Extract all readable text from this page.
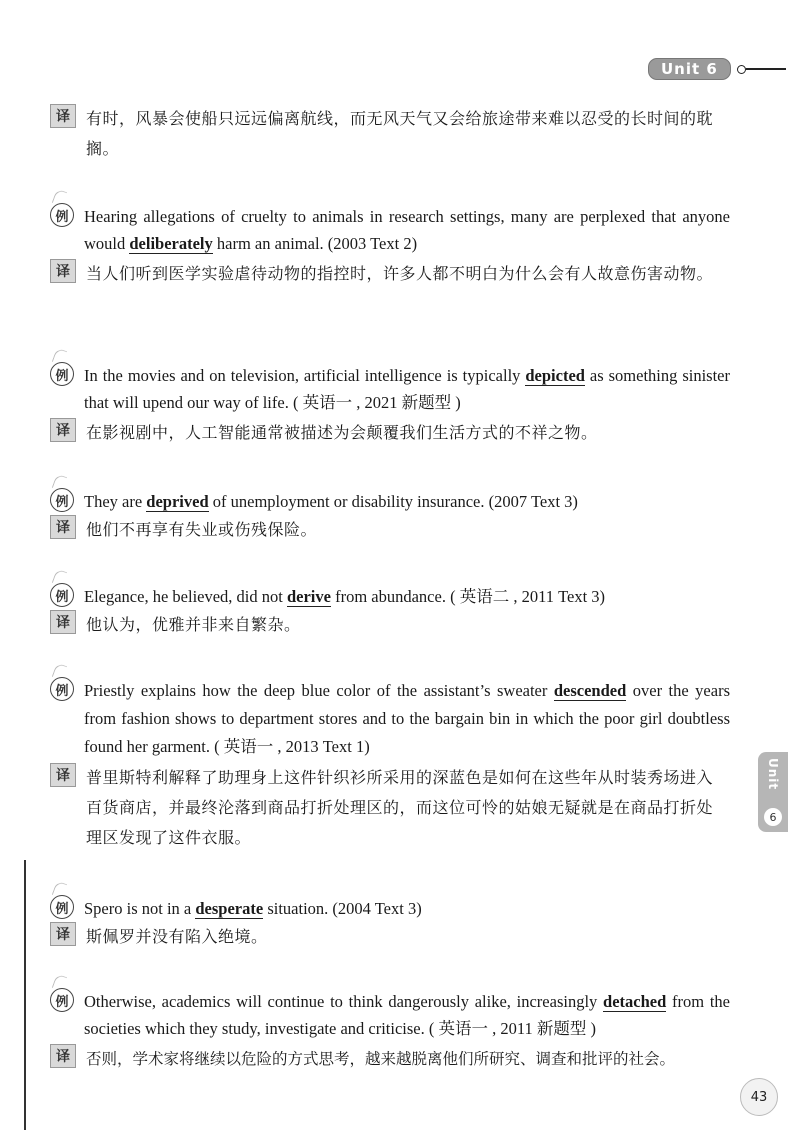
Unit 6
Unit
6
译	有时，风暴会使船只远远偏离航线，而无风天气又会给旅途带来难以忍受的长时间的耽搁。
例 Hearing allegations of cruelty to animals in research settings, many are perplexed that anyone would deliberately harm an animal. (2003 Text 2)
译	当人们听到医学实验虐待动物的指控时，许多人都不明白为什么会有人故意伤害动物。
例 In the movies and on television, artificial intelligence is typically depicted as something sinister that will upend our way of life. ( 英语一 , 2021 新题型 )
译	在影视剧中，人工智能通常被描述为会颠覆我们生活方式的不祥之物。
例 They are deprived of unemployment or disability insurance. (2007 Text 3)
译	他们不再享有失业或伤残保险。
例 Elegance, he believed, did not derive from abundance. ( 英语二 , 2011 Text 3)
译	他认为，优雅并非来自繁杂。
例 Priestly explains how the deep blue color of the assistant’s sweater descended over the years from fashion shows to department stores and to the bargain bin in which the poor girl doubtless found her garment. ( 英语一 , 2013 Text 1)
译	普里斯特利解释了助理身上这件针织衫所采用的深蓝色是如何在这些年从时装秀场进入百货商店，并最终沦落到商品打折处理区的，而这位可怜的姑娘无疑就是在商品打折处理区发现了这件衣服。
例 Spero is not in a desperate situation. (2004 Text 3)
译	斯佩罗并没有陷入绝境。
例 Otherwise, academics will continue to think dangerously alike, increasingly detached from the societies which they study, investigate and criticise. ( 英语一 , 2011 新题型 )
译	否则，学术家将继续以危险的方式思考，越来越脱离他们所研究、调查和批评的社会。
43
